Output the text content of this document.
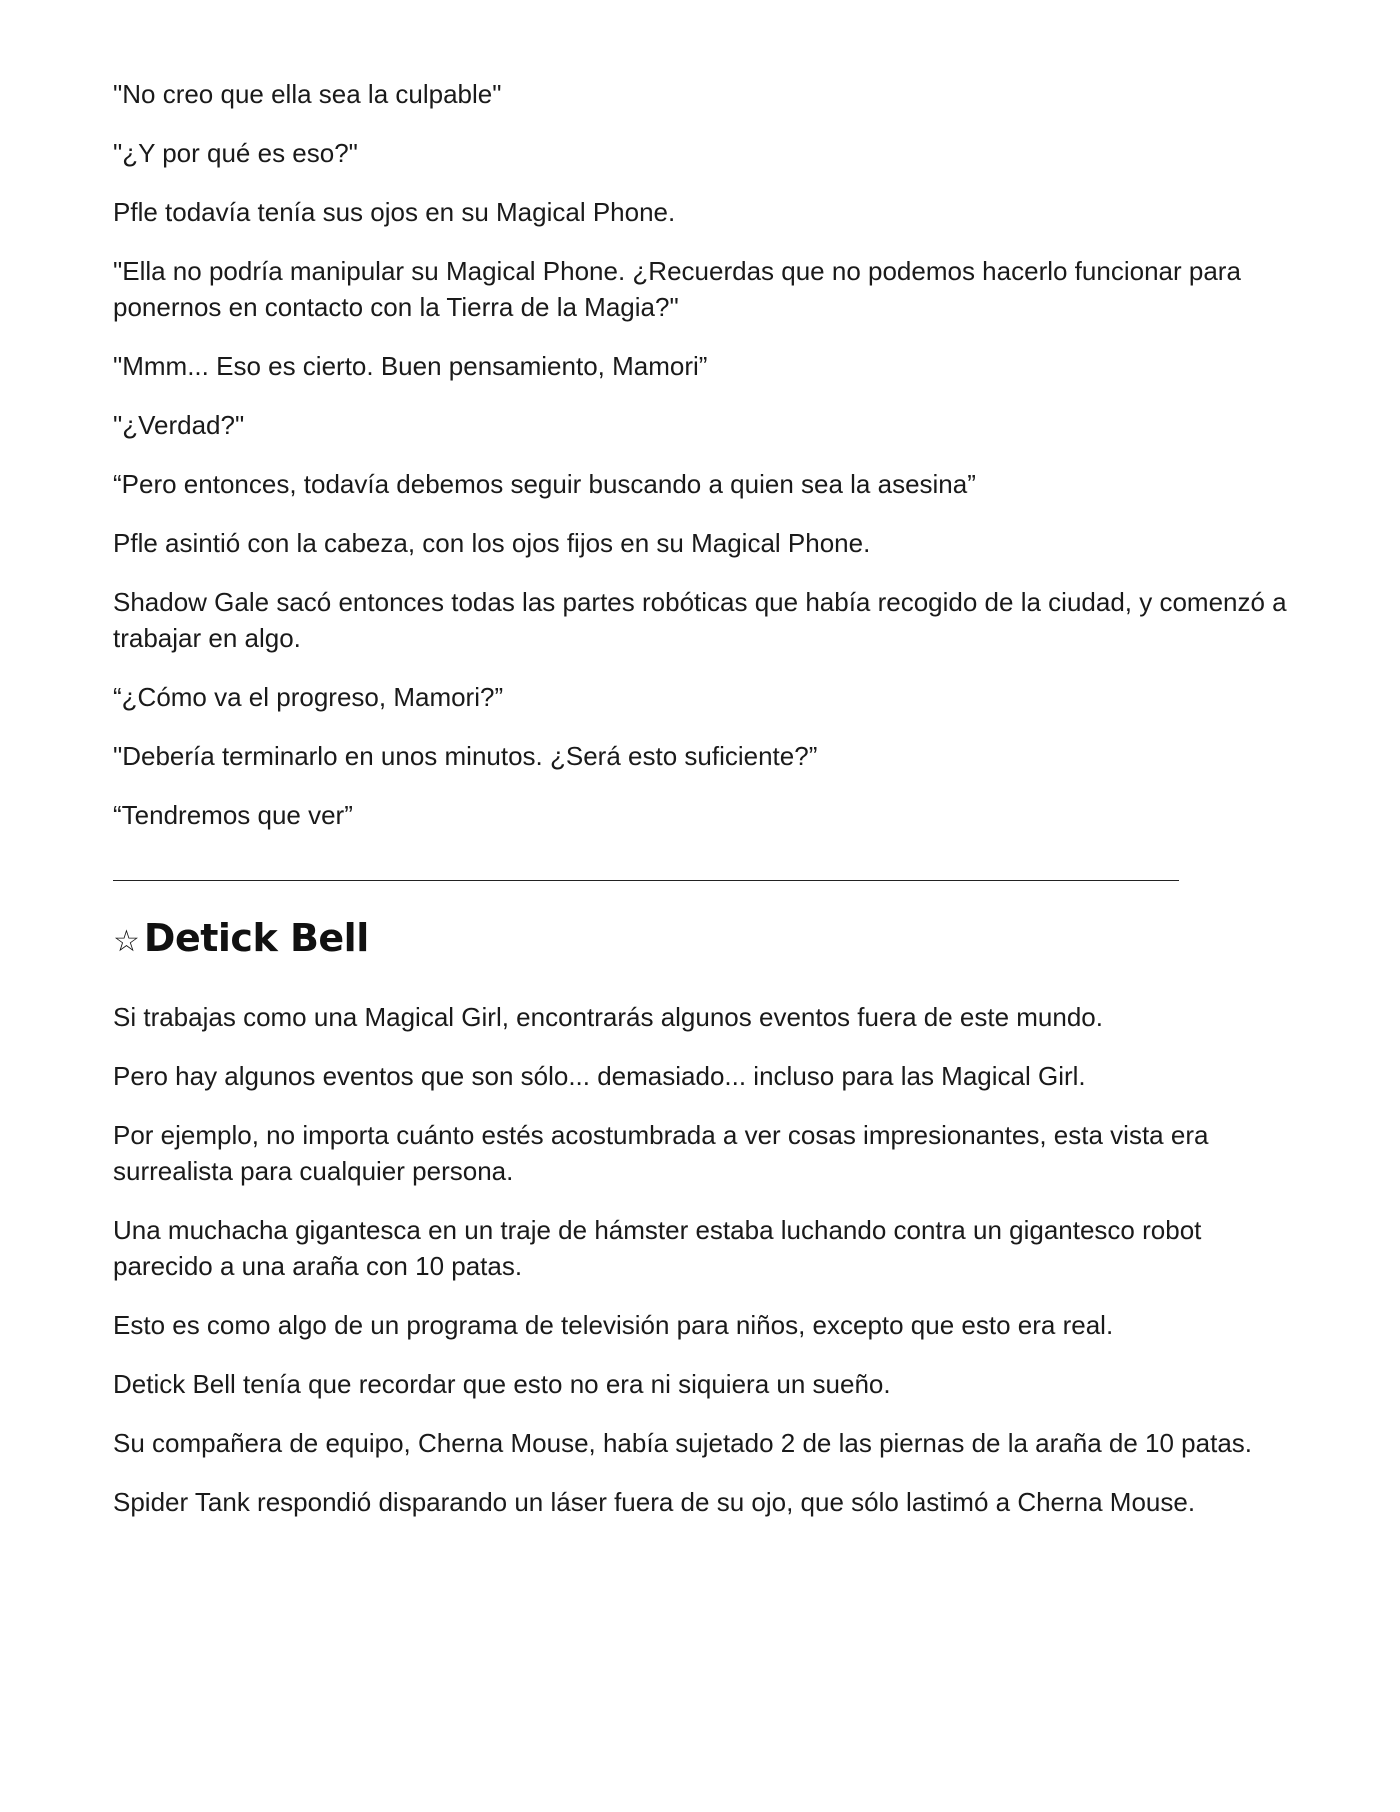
"No creo que ella sea la culpable"

"¿Y por qué es eso?"

Pfle todavía tenía sus ojos en su Magical Phone.

"Ella no podría manipular su Magical Phone. ¿Recuerdas que no podemos hacerlo funcionar para ponernos en contacto con la Tierra de la Magia?"

"Mmm... Eso es cierto. Buen pensamiento, Mamori”

"¿Verdad?"

“Pero entonces, todavía debemos seguir buscando a quien sea la asesina”

Pfle asintió con la cabeza, con los ojos fijos en su Magical Phone.

Shadow Gale sacó entonces todas las partes robóticas que había recogido de la ciudad, y comenzó a trabajar en algo.

“¿Cómo va el progreso, Mamori?”

"Debería terminarlo en unos minutos. ¿Será esto suficiente?”

“Tendremos que ver”

☆ Detick Bell

Si trabajas como una Magical Girl, encontrarás algunos eventos fuera de este mundo.

Pero hay algunos eventos que son sólo... demasiado... incluso para las Magical Girl.

Por ejemplo, no importa cuánto estés acostumbrada a ver cosas impresionantes, esta vista era surrealista para cualquier persona.

Una muchacha gigantesca en un traje de hámster estaba luchando contra un gigantesco robot parecido a una araña con 10 patas.

Esto es como algo de un programa de televisión para niños, excepto que esto era real.

Detick Bell tenía que recordar que esto no era ni siquiera un sueño.

Su compañera de equipo, Cherna Mouse, había sujetado 2 de las piernas de la araña de 10 patas.

Spider Tank respondió disparando un láser fuera de su ojo, que sólo lastimó a Cherna Mouse.
